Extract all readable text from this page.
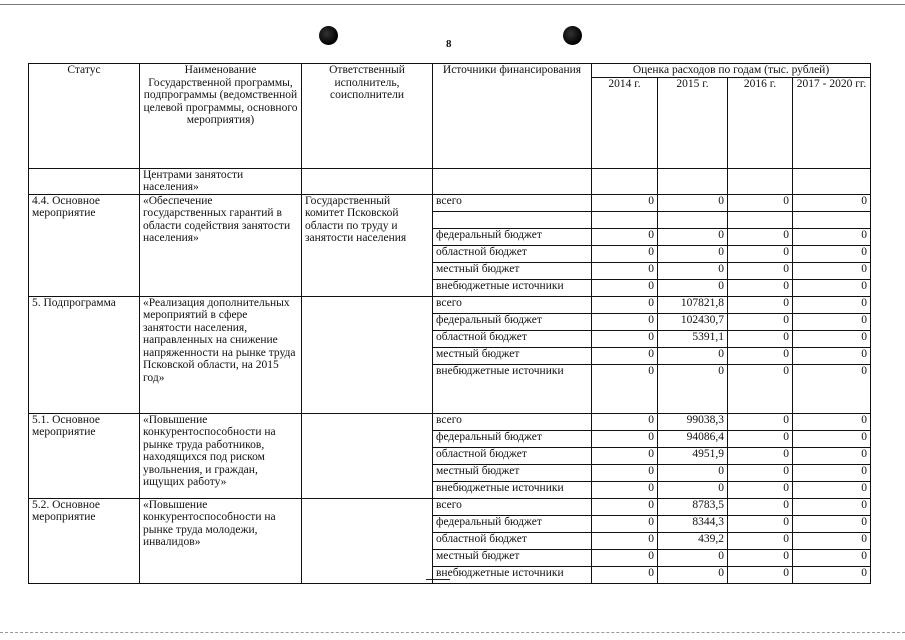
8
Статус	Наименование Государственной программы, подпрограммы (ведомственной целевой программы, основного мероприятия)	Ответственный исполнитель, соисполнители	Источники финансирования	Оценка расходов по годам (тыс. рублей)			
				2014 г.	2015 г.	2016 г.	2017 - 2020 гг.
	Центрами занятости населения»						
4.4. Основное мероприятие	«Обеспечение государственных гарантий в области содействия занятости населения»	Государственный комитет Псковской области по труду и занятости населения	всего	0	0	0	0

			федеральный бюджет	0	0	0	0
			областной бюджет	0	0	0	0
			местный бюджет	0	0	0	0
			внебюджетные источники	0	0	0	0
5. Подпрограмма	«Реализация дополнительных мероприятий в сфере занятости населения, направленных на снижение напряженности на рынке труда Псковской области, на 2015 год»		всего	0	107821,8	0	0
			федеральный бюджет	0	102430,7	0	0
			областной бюджет	0	5391,1	0	0
			местный бюджет	0	0	0	0
			внебюджетные источники	0	0	0	0
5.1. Основное мероприятие	«Повышение конкурентоспособности на рынке труда работников, находящихся под риском увольнения, и граждан, ищущих работу»		всего	0	99038,3	0	0
			федеральный бюджет	0	94086,4	0	0
			областной бюджет	0	4951,9	0	0
			местный бюджет	0	0	0	0
			внебюджетные источники	0	0	0	0
5.2. Основное мероприятие	«Повышение конкурентоспособности на рынке труда молодежи, инвалидов»		всего	0	8783,5	0	0
			федеральный бюджет	0	8344,3	0	0
			областной бюджет	0	439,2	0	0
			местный бюджет	0	0	0	0
			внебюджетные источники	0	0	0	0
